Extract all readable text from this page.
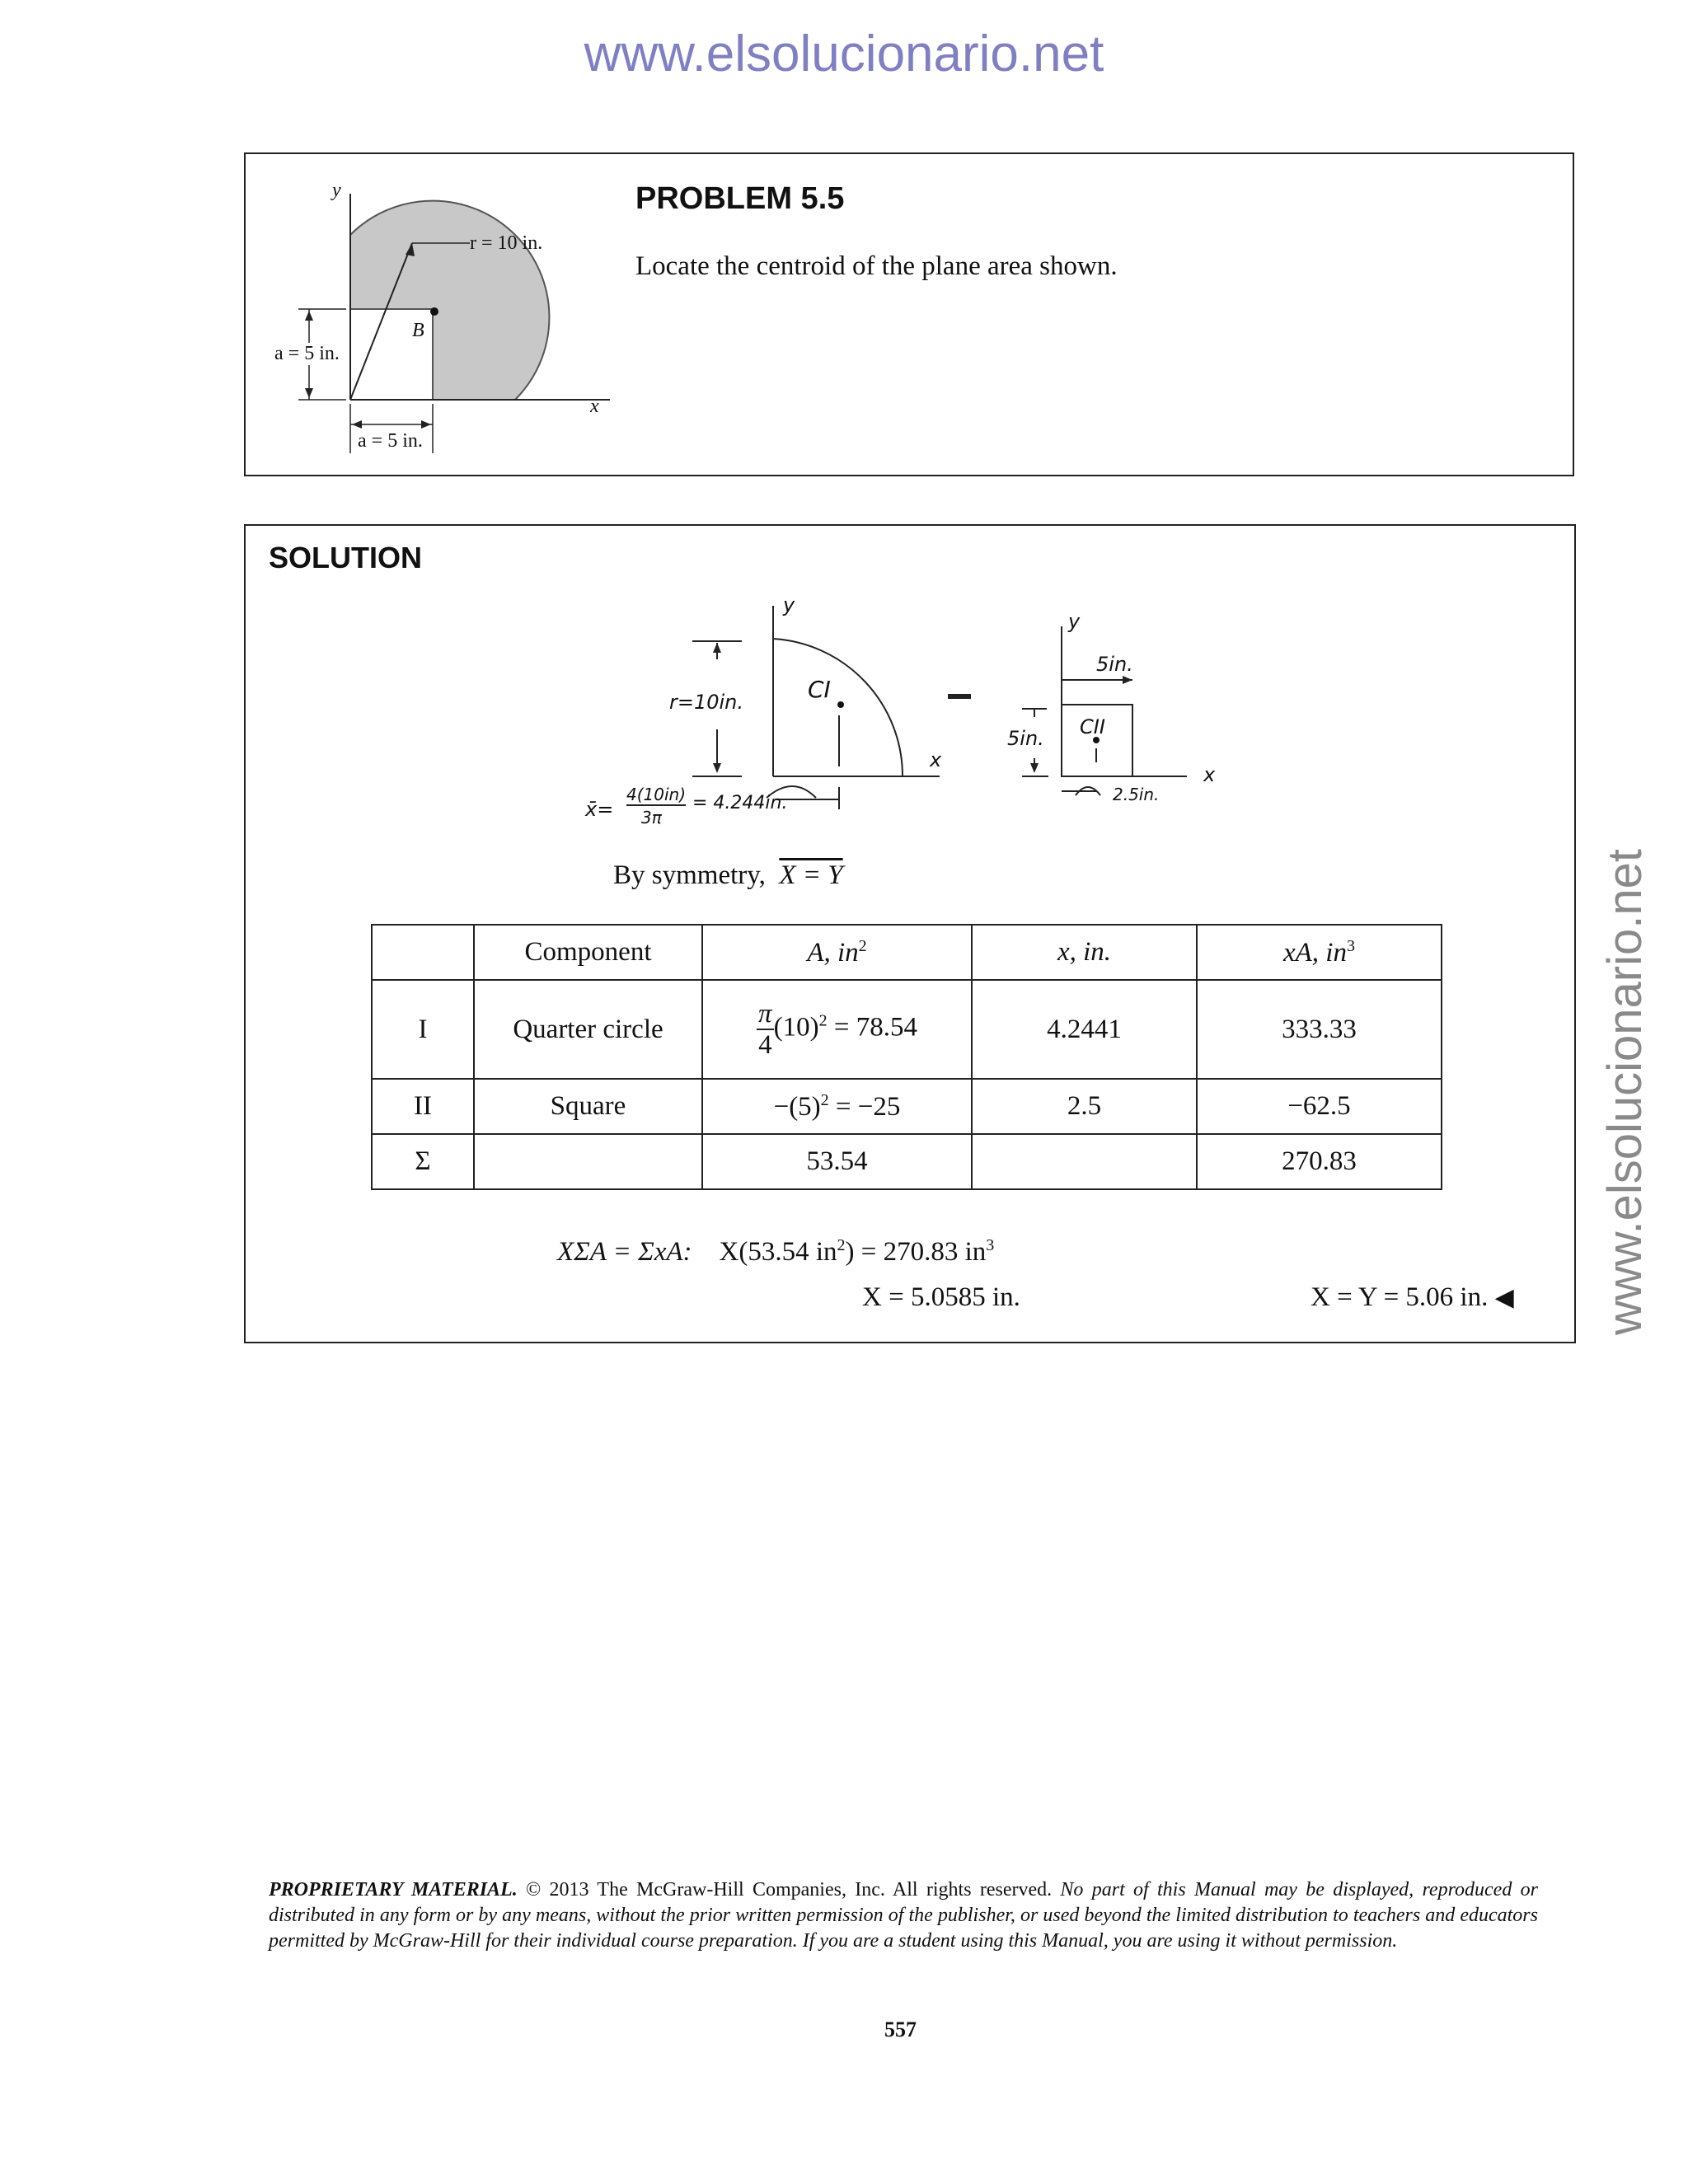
www.elsolucionario.net
www.elsolucionario.net
y
x
r = 10 in.
B
a = 5 in.
a = 5 in.
PROBLEM 5.5
Locate the centroid of the plane area shown.
SOLUTION
y
x
r=10in.	CI
x̄=
4(10in)
3π
= 4.244in.
y
x
5in.
5in. CII
2.5in.
By symmetry, X = Y
	Component	A, $in^2$	x, in.	xA, $in^3$
I	Quarter circle	$\frac{\pi}{4} (10)^2 = 78.54$	4.2441	333.33
II	Square	$-(5)^2 = -25$	2.5	−62.5
Σ		53.54		270.83
XΣA = ΣxA: X(53.54 $in^2) = 270.83$ $in^3$
X = 5.0585 in.	X = Y = 5.06 in. ◀
PROPRIETARY MATERIAL. © 2013 The McGraw-Hill Companies, Inc. All rights reserved. No part of this Manual may be displayed, reproduced or distributed in any form or by any means, without the prior written permission of the publisher, or used beyond the limited distribution to teachers and educators permitted by McGraw-Hill for their individual course preparation. If you are a student using this Manual, you are using it without permission.
557
